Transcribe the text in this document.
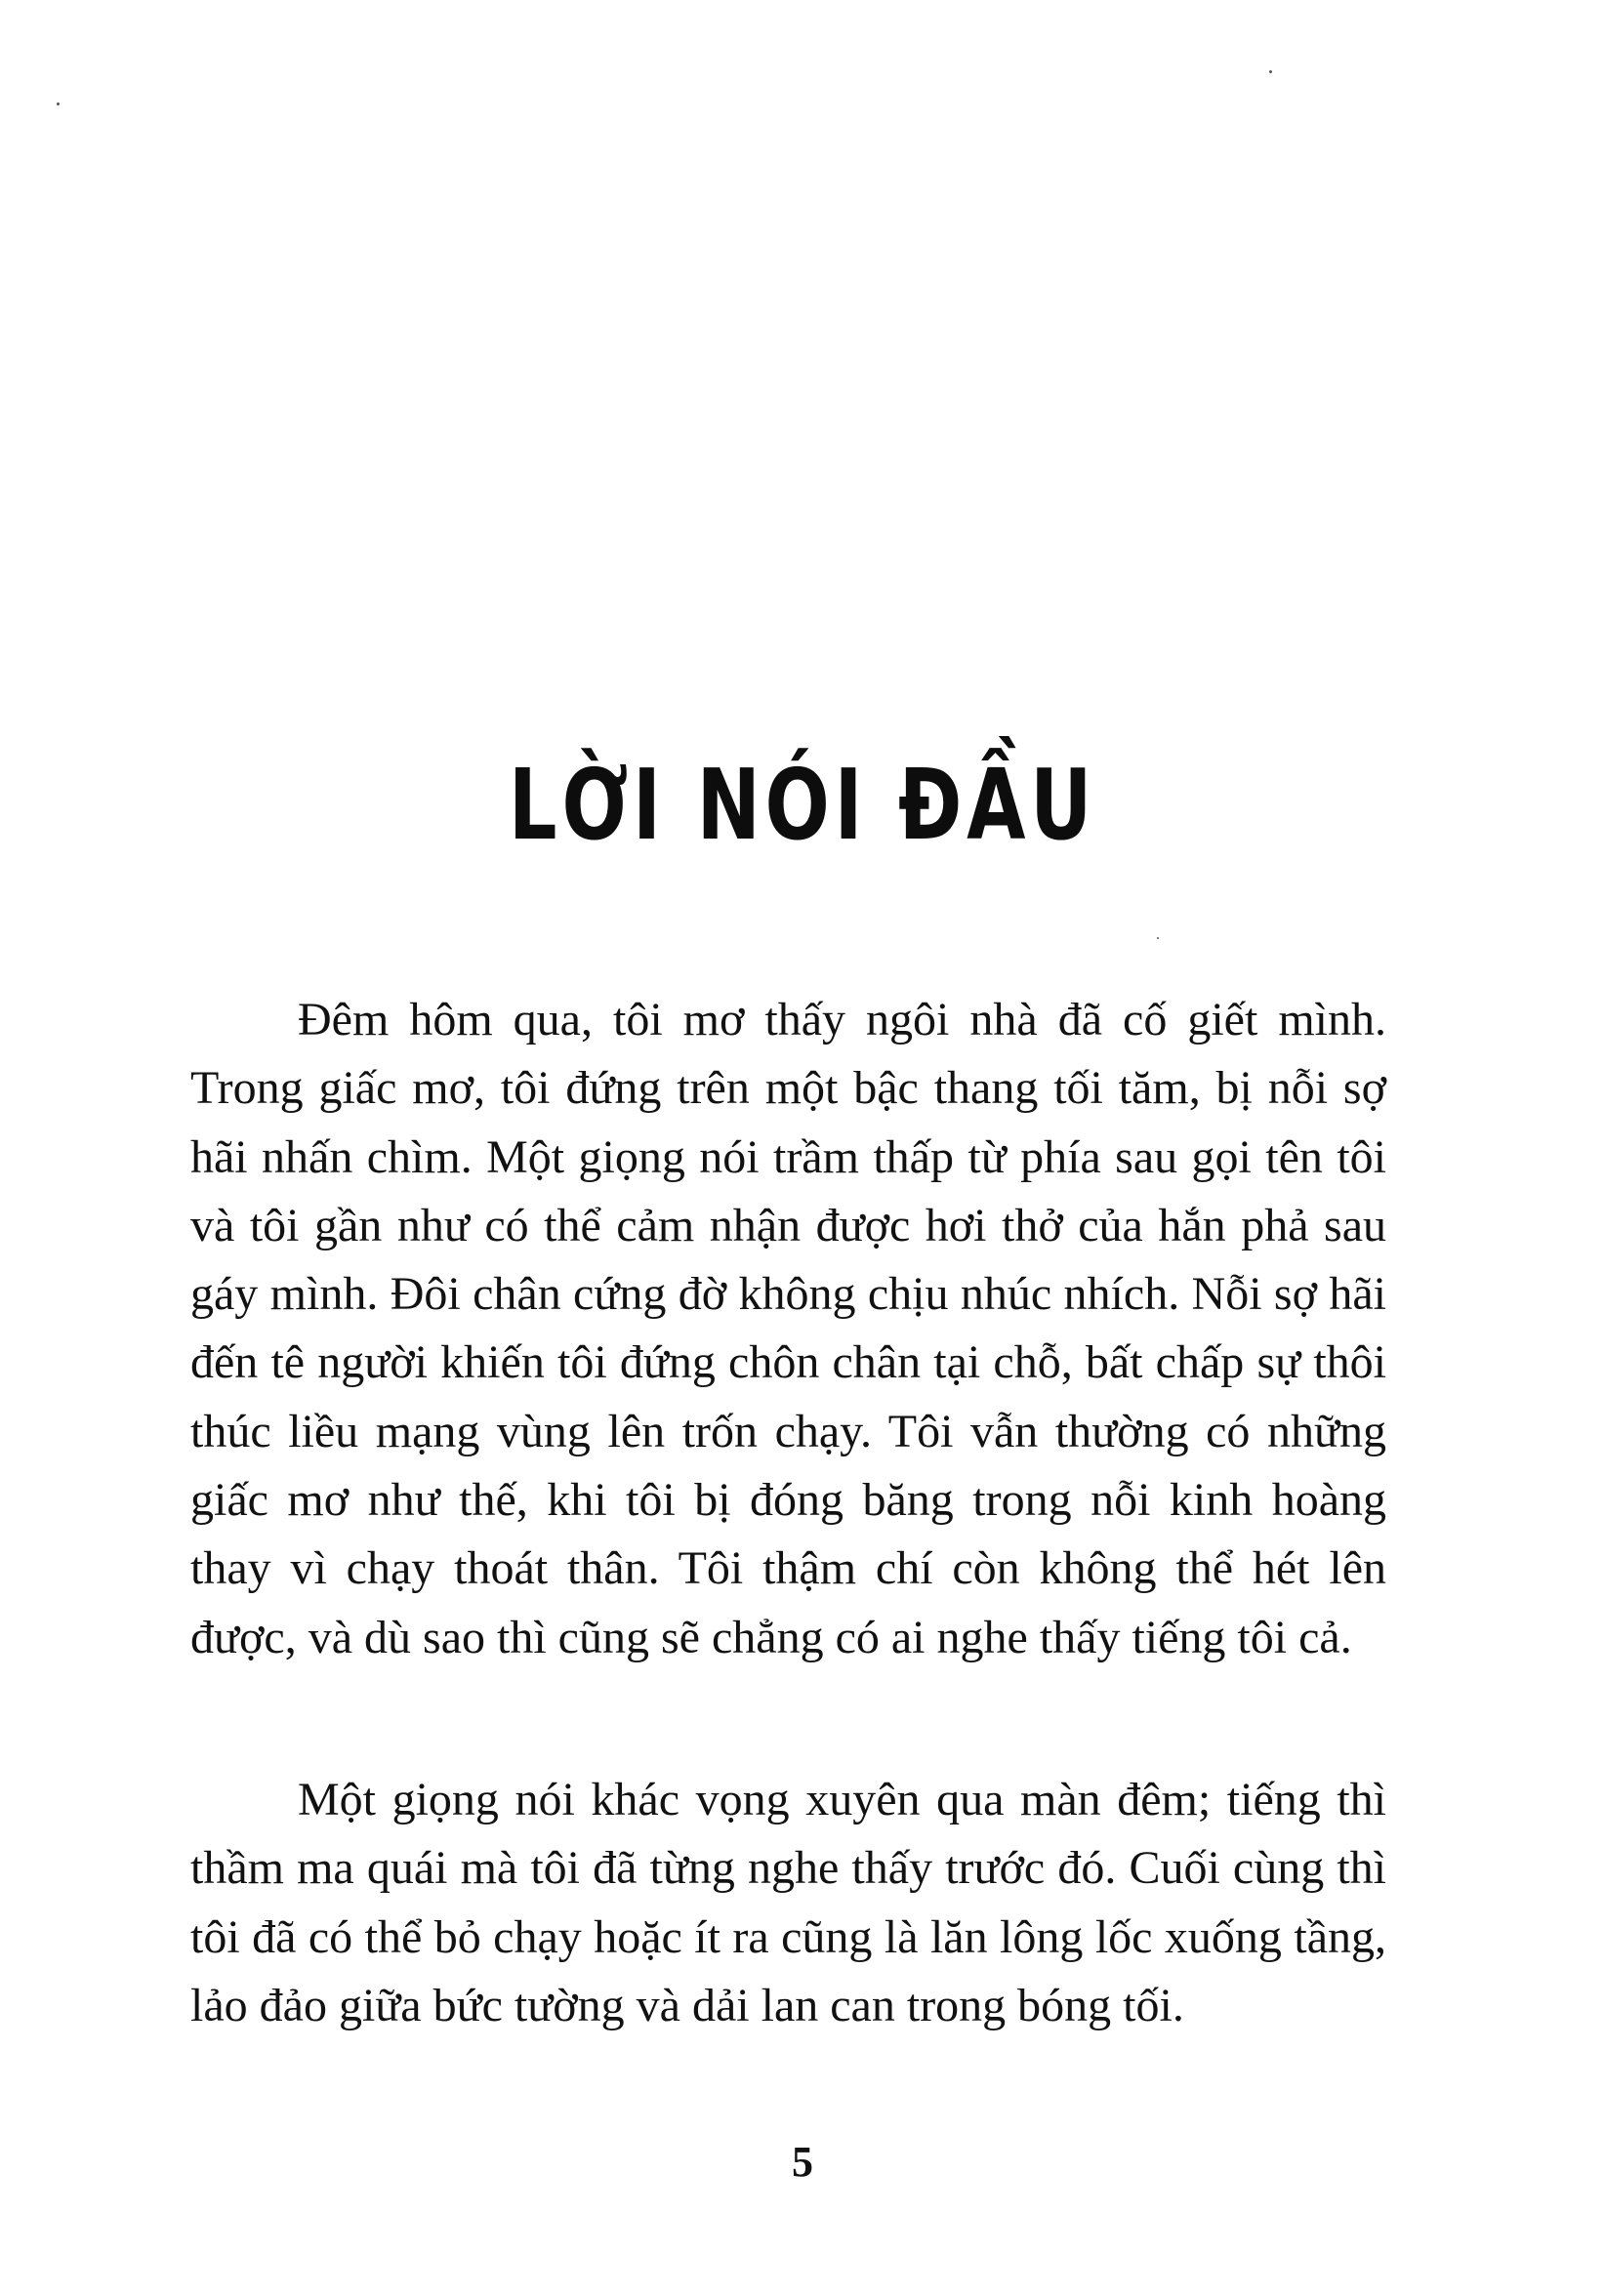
LỜI NÓI ĐẦU

Đêm hôm qua, tôi mơ thấy ngôi nhà đã cố giết mình. Trong giấc mơ, tôi đứng trên một bậc thang tối tăm, bị nỗi sợ hãi nhấn chìm. Một giọng nói trầm thấp từ phía sau gọi tên tôi và tôi gần như có thể cảm nhận được hơi thở của hắn phả sau gáy mình. Đôi chân cứng đờ không chịu nhúc nhích. Nỗi sợ hãi đến tê người khiến tôi đứng chôn chân tại chỗ, bất chấp sự thôi thúc liều mạng vùng lên trốn chạy. Tôi vẫn thường có những giấc mơ như thế, khi tôi bị đóng băng trong nỗi kinh hoàng thay vì chạy thoát thân. Tôi thậm chí còn không thể hét lên được, và dù sao thì cũng sẽ chẳng có ai nghe thấy tiếng tôi cả.

Một giọng nói khác vọng xuyên qua màn đêm; tiếng thì thầm ma quái mà tôi đã từng nghe thấy trước đó. Cuối cùng thì tôi đã có thể bỏ chạy hoặc ít ra cũng là lăn lông lốc xuống tầng, lảo đảo giữa bức tường và dải lan can trong bóng tối.

5
